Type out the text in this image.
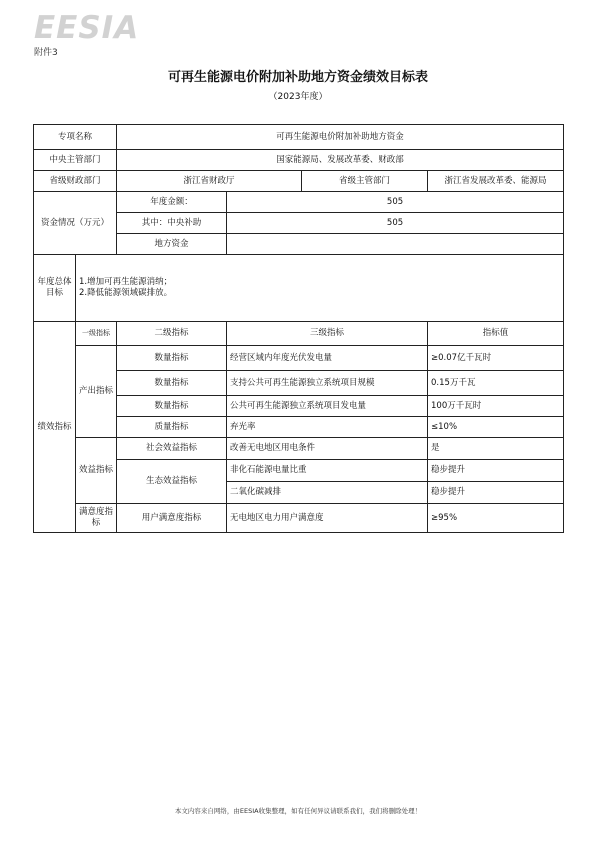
EESIA
附件3
可再生能源电价附加补助地方资金绩效目标表
（2023年度）
专项名称		可再生能源电价附加补助地方资金			
中央主管部门		国家能源局、发展改革委、财政部			
省级财政部门		浙江省财政厅		省级主管部门	浙江省发展改革委、能源局
资金情况（万元）		年度金额：	505		
		其中：中央补助	505		
		地方资金			
年度总体目标	1.增加可再生能源消纳；
2.降低能源领域碳排放。				

绩效指标	一级指标	二级指标	三级指标		指标值
	产出指标	数量指标	经营区域内年度光伏发电量		≥0.07亿千瓦时
		数量指标	支持公共可再生能源独立系统项目规模		0.15万千瓦
		数量指标	公共可再生能源独立系统项目发电量		100万千瓦时
		质量指标	弃光率		≤10%
	效益指标	社会效益指标	改善无电地区用电条件		是
		生态效益指标	非化石能源电量比重		稳步提升
			二氧化碳减排		稳步提升
	满意度指标	用户满意度指标	无电地区电力用户满意度		≥95%
本文内容来自网络，由EESIA收集整理，如有任何异议请联系我们，我们将删除处理！
